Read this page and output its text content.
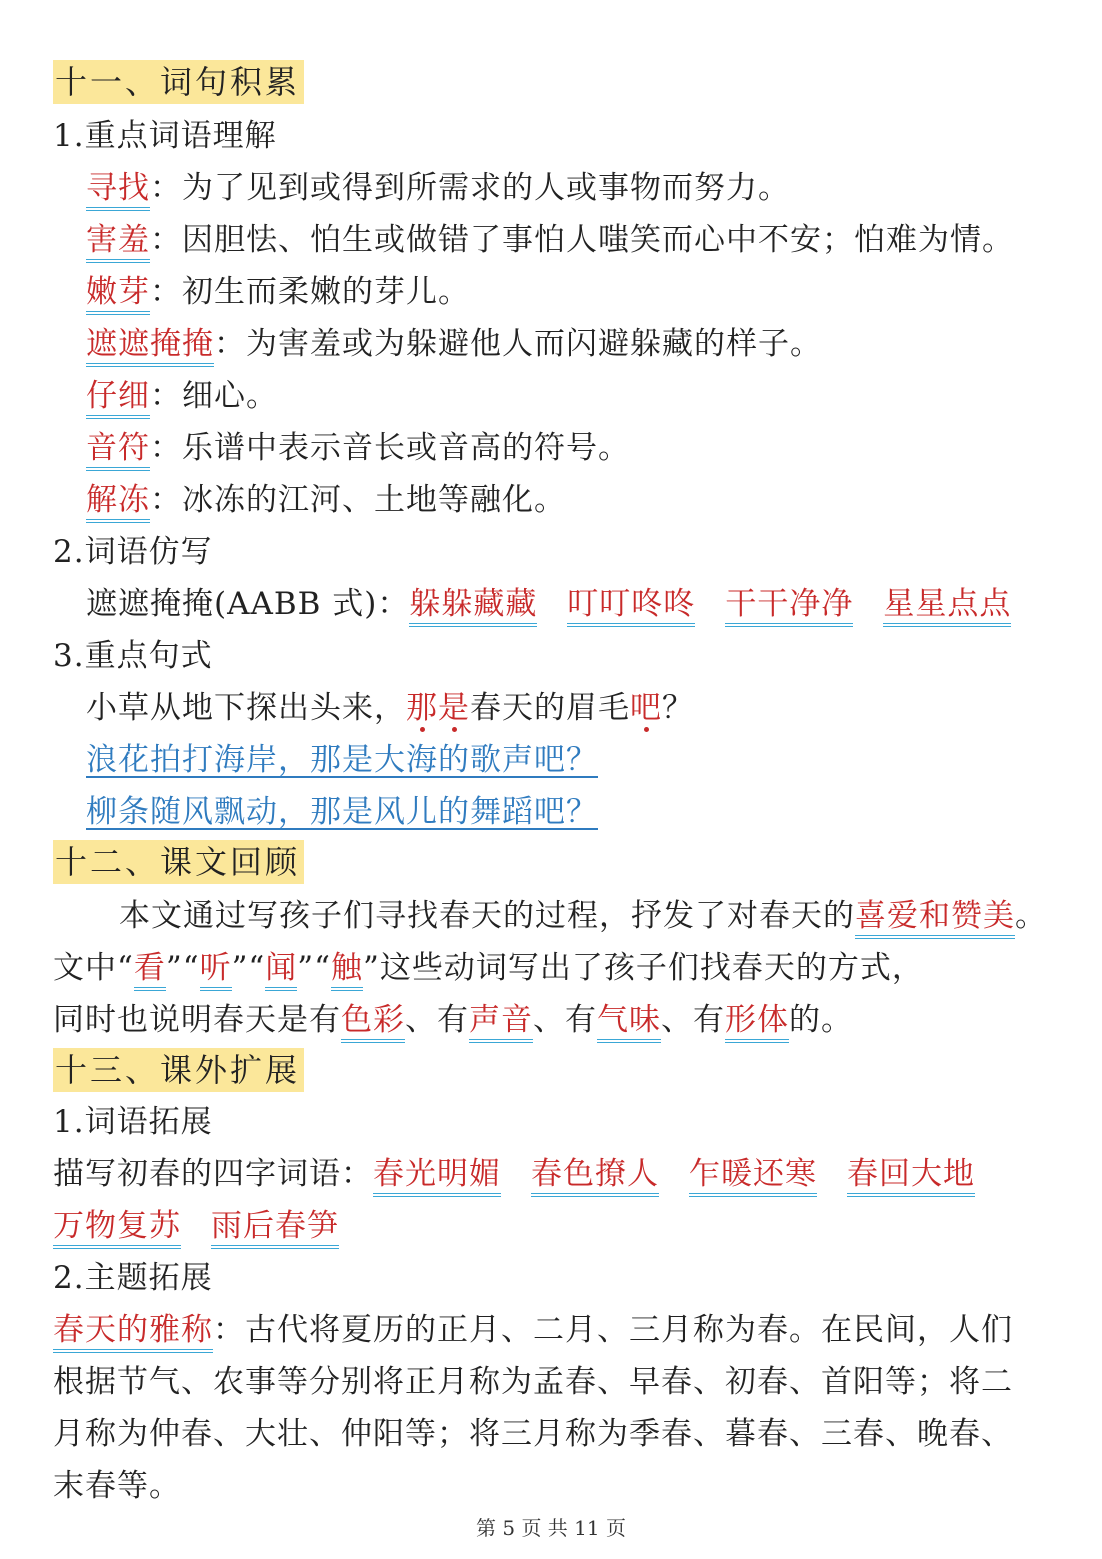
十一、词句积累
1.重点词语理解
寻找：为了见到或得到所需求的人或事物而努力。
害羞：因胆怯、怕生或做错了事怕人嗤笑而心中不安；怕难为情。
嫩芽：初生而柔嫩的芽儿。
遮遮掩掩：为害羞或为躲避他人而闪避躲藏的样子。
仔细：细心。
音符：乐谱中表示音长或音高的符号。
解冻：冰冻的江河、土地等融化。
2.词语仿写
遮遮掩掩(AABB 式)：躲躲藏藏 叮叮咚咚 干干净净 星星点点
3.重点句式
小草从地下探出头来，那是春天的眉毛吧？
浪花拍打海岸，那是大海的歌声吧？
柳条随风飘动，那是风儿的舞蹈吧？
十二、课文回顾
本文通过写孩子们寻找春天的过程，抒发了对春天的喜爱和赞美。
文中“看”“听”“闻”“触”这些动词写出了孩子们找春天的方式，
同时也说明春天是有色彩、有声音、有气味、有形体的。
十三、课外扩展
1.词语拓展
描写初春的四字词语：春光明媚 春色撩人 乍暖还寒 春回大地
万物复苏 雨后春笋
2.主题拓展
春天的雅称：古代将夏历的正月、二月、三月称为春。在民间，人们
根据节气、农事等分别将正月称为孟春、早春、初春、首阳等；将二
月称为仲春、大壮、仲阳等；将三月称为季春、暮春、三春、晚春、
末春等。
第 5 页 共 11 页
